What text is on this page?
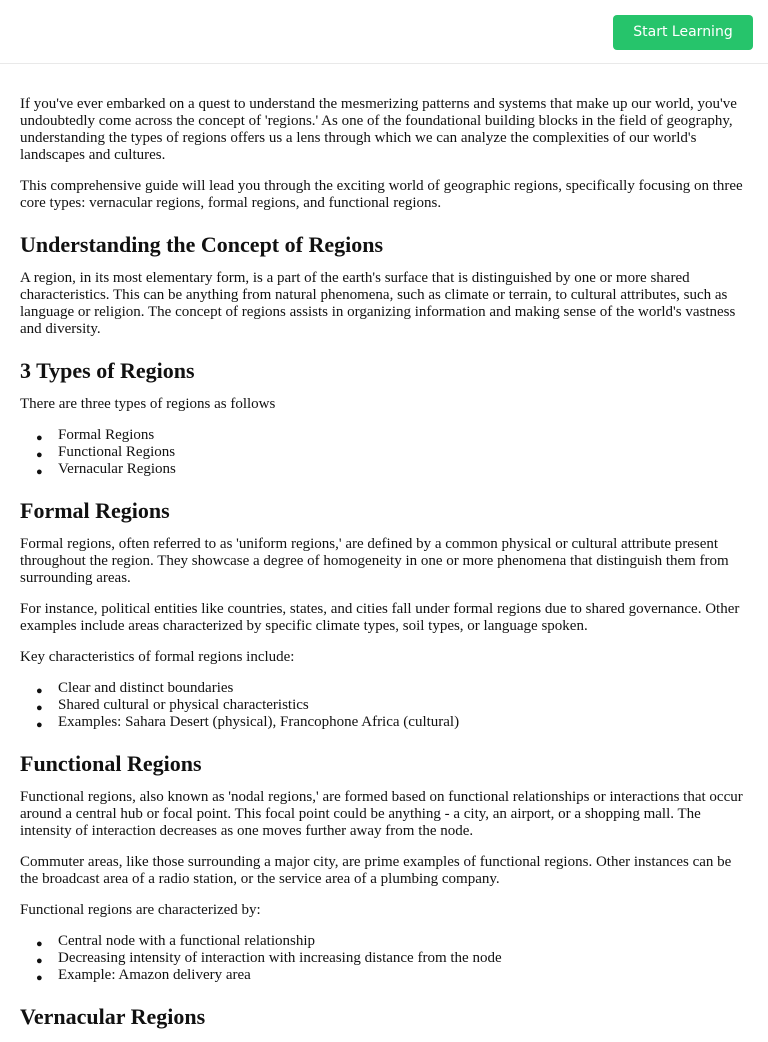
Start Learning

If you've ever embarked on a quest to understand the mesmerizing patterns and systems that make up our world, you've undoubtedly come across the concept of 'regions.' As one of the foundational building blocks in the field of geography, understanding the types of regions offers us a lens through which we can analyze the complexities of our world's landscapes and cultures.

This comprehensive guide will lead you through the exciting world of geographic regions, specifically focusing on three core types: vernacular regions, formal regions, and functional regions.

Understanding the Concept of Regions

A region, in its most elementary form, is a part of the earth's surface that is distinguished by one or more shared characteristics. This can be anything from natural phenomena, such as climate or terrain, to cultural attributes, such as language or religion. The concept of regions assists in organizing information and making sense of the world's vastness and diversity.

3 Types of Regions

There are three types of regions as follows

● Formal Regions
● Functional Regions
● Vernacular Regions
Formal Regions

Formal regions, often referred to as 'uniform regions,' are defined by a common physical or cultural attribute present throughout the region. They showcase a degree of homogeneity in one or more phenomena that distinguish them from surrounding areas.

For instance, political entities like countries, states, and cities fall under formal regions due to shared governance. Other examples include areas characterized by specific climate types, soil types, or language spoken.

Key characteristics of formal regions include:

● Clear and distinct boundaries
● Shared cultural or physical characteristics
● Examples: Sahara Desert (physical), Francophone Africa (cultural)
Functional Regions

Functional regions, also known as 'nodal regions,' are formed based on functional relationships or interactions that occur around a central hub or focal point. This focal point could be anything - a city, an airport, or a shopping mall. The intensity of interaction decreases as one moves further away from the node.

Commuter areas, like those surrounding a major city, are prime examples of functional regions. Other instances can be the broadcast area of a radio station, or the service area of a plumbing company.

Functional regions are characterized by:

● Central node with a functional relationship
● Decreasing intensity of interaction with increasing distance from the node
● Example: Amazon delivery area
Vernacular Regions
